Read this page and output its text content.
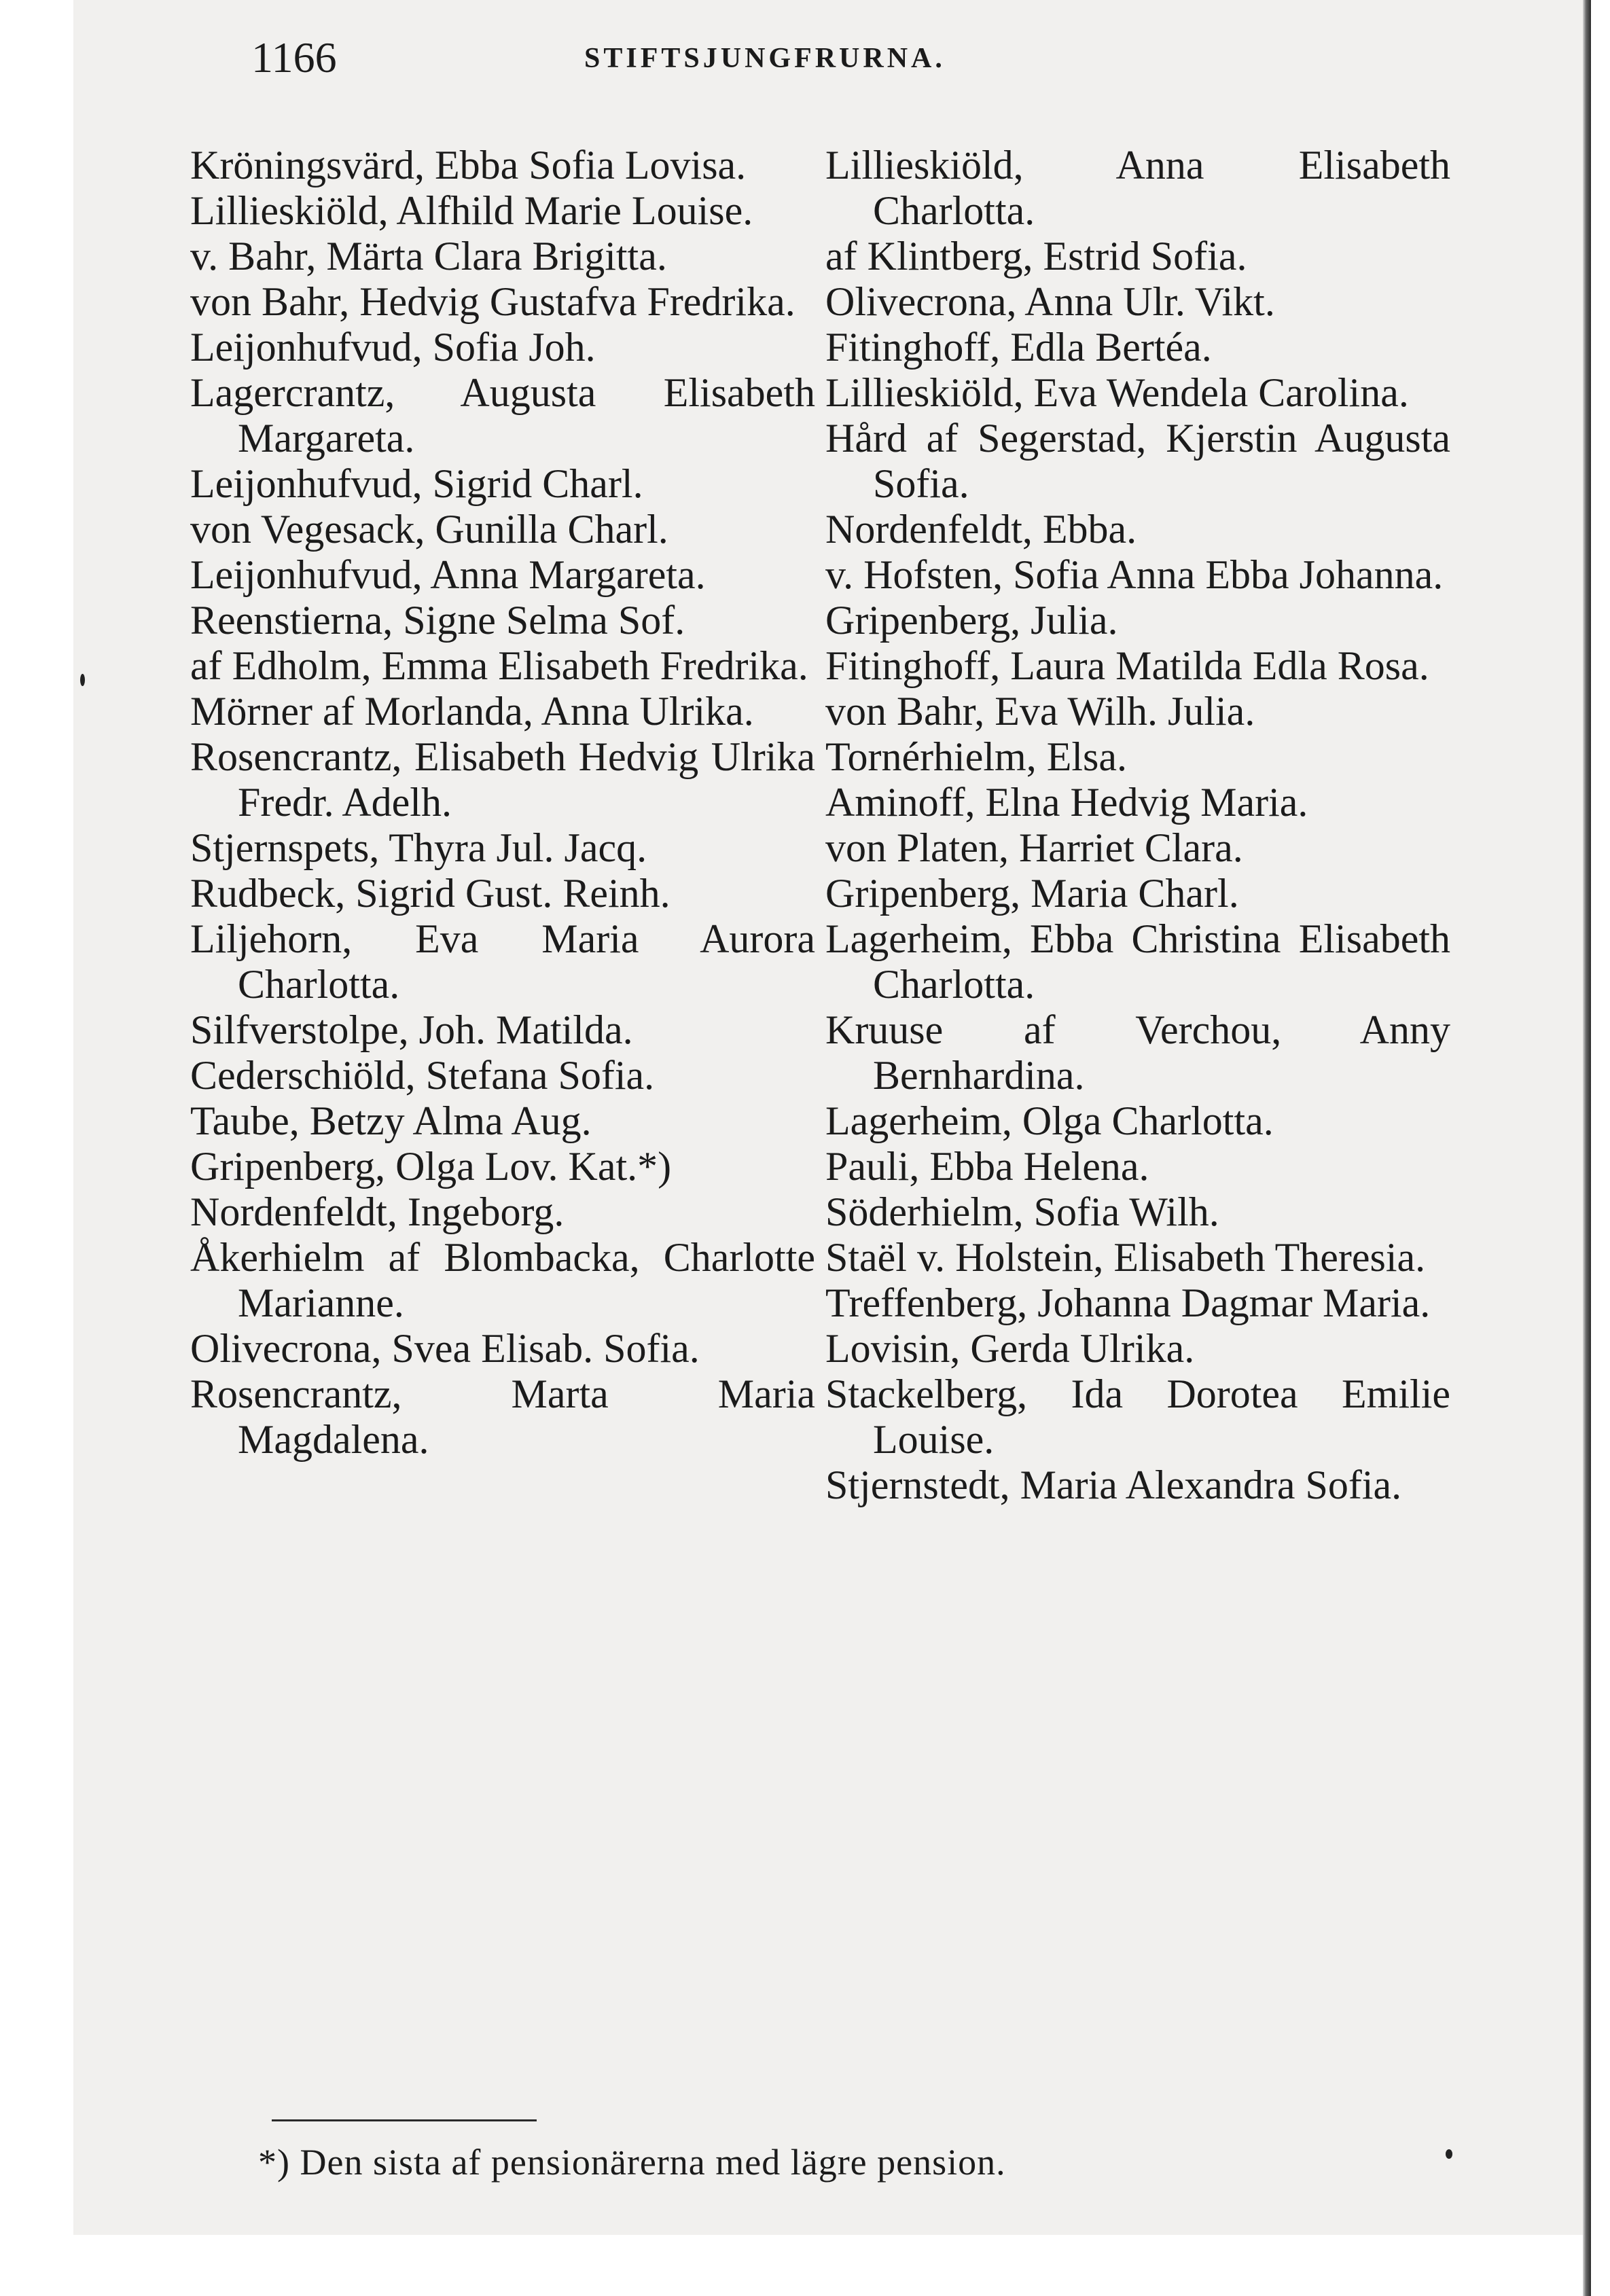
1166	STIFTSJUNGFRURNA.
Kröningsvärd, Ebba Sofia Lovisa.
Lillieskiöld, Alfhild Marie Louise.
v. Bahr, Märta Clara Brigitta.
von Bahr, Hedvig Gustafva Fredrika.
Leijonhufvud, Sofia Joh.
Lagercrantz, Augusta Elisabeth Margareta.
Leijonhufvud, Sigrid Charl.
von Vegesack, Gunilla Charl.
Leijonhufvud, Anna Margareta.
Reenstierna, Signe Selma Sof.
af Edholm, Emma Elisabeth Fredrika.
Mörner af Morlanda, Anna Ulrika.
Rosencrantz, Elisabeth Hedvig Ulrika Fredr. Adelh.
Stjernspets, Thyra Jul. Jacq.
Rudbeck, Sigrid Gust. Reinh.
Liljehorn, Eva Maria Aurora Charlotta.
Silfverstolpe, Joh. Matilda.
Cederschiöld, Stefana Sofia.
Taube, Betzy Alma Aug.
Gripenberg, Olga Lov. Kat.*)
Nordenfeldt, Ingeborg.
Åkerhielm af Blombacka, Charlotte Marianne.
Olivecrona, Svea Elisab. Sofia.
Rosencrantz, Marta Maria Magdalena.
Lillieskiöld, Anna Elisabeth Charlotta.
af Klintberg, Estrid Sofia.
Olivecrona, Anna Ulr. Vikt.
Fitinghoff, Edla Bertéa.
Lillieskiöld, Eva Wendela Carolina.
Hård af Segerstad, Kjerstin Augusta Sofia.
Nordenfeldt, Ebba.
v. Hofsten, Sofia Anna Ebba Johanna.
Gripenberg, Julia.
Fitinghoff, Laura Matilda Edla Rosa.
von Bahr, Eva Wilh. Julia.
Tornérhielm, Elsa.
Aminoff, Elna Hedvig Maria.
von Platen, Harriet Clara.
Gripenberg, Maria Charl.
Lagerheim, Ebba Christina Elisabeth Charlotta.
Kruuse af Verchou, Anny Bernhardina.
Lagerheim, Olga Charlotta.
Pauli, Ebba Helena.
Söderhielm, Sofia Wilh.
Staël v. Holstein, Elisabeth Theresia.
Treffenberg, Johanna Dagmar Maria.
Lovisin, Gerda Ulrika.
Stackelberg, Ida Dorotea Emilie Louise.
Stjernstedt, Maria Alexandra Sofia.
*) Den sista af pensionärerna med lägre pension.
